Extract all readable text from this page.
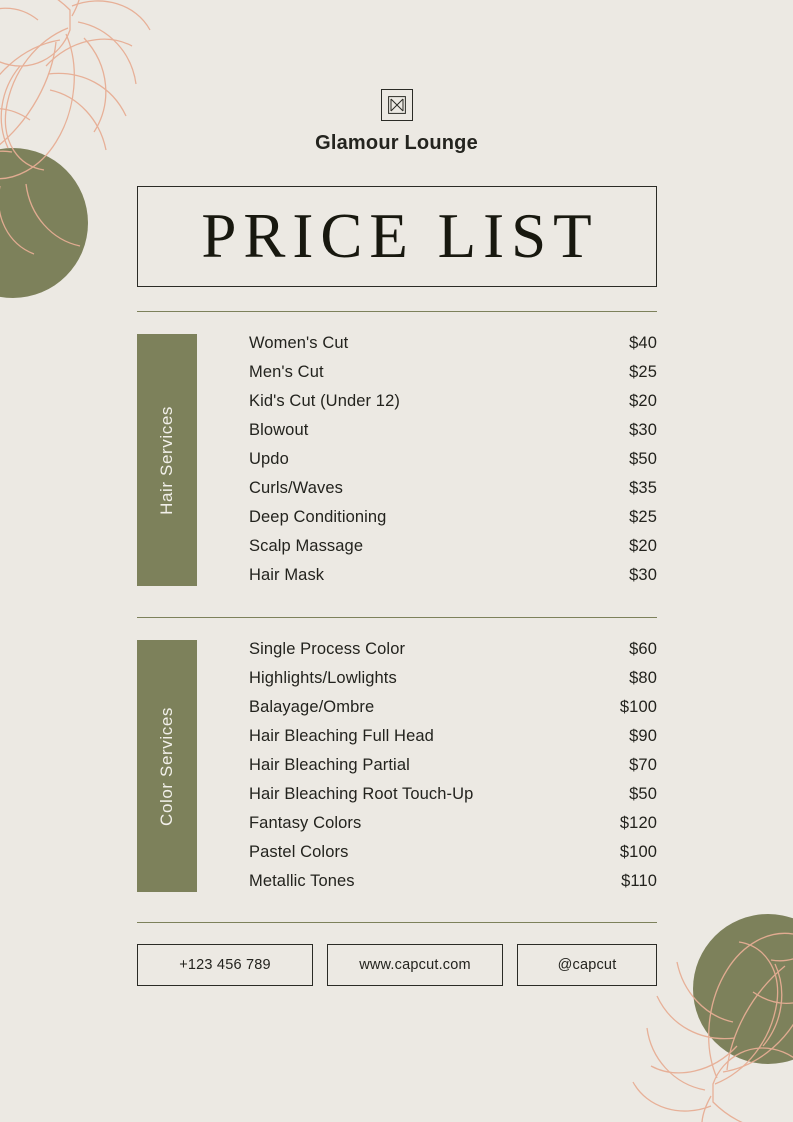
Glamour Lounge
PRICE LIST
Hair Services
Women's Cut	$40
Men's Cut	$25
Kid's Cut (Under 12)	$20
Blowout	$30
Updo	$50
Curls/Waves	$35
Deep Conditioning	$25
Scalp Massage	$20
Hair Mask	$30
Color Services
Single Process Color	$60
Highlights/Lowlights	$80
Balayage/Ombre	$100
Hair Bleaching Full Head	$90
Hair Bleaching Partial	$70
Hair Bleaching Root Touch-Up	$50
Fantasy Colors	$120
Pastel Colors	$100
Metallic Tones	$110
+123 456 789	www.capcut.com	@capcut
